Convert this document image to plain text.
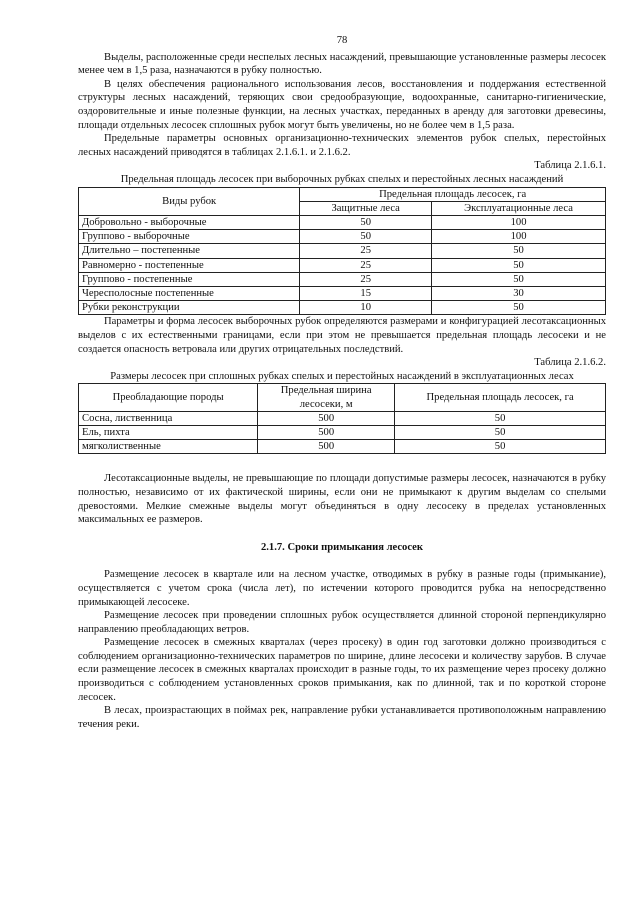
78

Выделы, расположенные среди неспелых лесных насаждений, превышающие установленные размеры лесосек менее чем в 1,5 раза, назначаются в рубку полностью.

В целях обеспечения рационального использования лесов, восстановления и поддержания естественной структуры лесных насаждений, теряющих свои средообразующие, водоохранные, санитарно-гигиенические, оздоровительные и иные полезные функции, на лесных участках, переданных в аренду для заготовки древесины, площади отдельных лесосек сплошных рубок могут быть увеличены, но не более чем в 1,5 раза.

Предельные параметры основных организационно-технических элементов рубок спелых, перестойных лесных насаждений приводятся в таблицах 2.1.6.1. и 2.1.6.2.

Таблица 2.1.6.1.
Предельная площадь лесосек при выборочных рубках спелых и перестойных лесных насаждений
Виды рубок	Предельная площадь лесосек, га	
	Защитные леса	Эксплуатационные леса
Добровольно - выборочные	50	100
Группово - выборочные	50	100
Длительно – постепенные	25	50
Равномерно - постепенные	25	50
Группово - постепенные	25	50
Чересполосные постепенные	15	30
Рубки реконструкции	10	50

Параметры и форма лесосек выборочных рубок определяются размерами и конфигурацией лесотаксационных выделов с их естественными границами, если при этом не превышается предельная площадь лесосеки и не создается опасность ветровала или других отрицательных последствий.

Таблица 2.1.6.2.
Размеры лесосек при сплошных рубках спелых и перестойных насаждений в эксплуатационных лесах
Преобладающие породы	Предельная ширина лесосеки, м	Предельная площадь лесосек, га
Сосна, лиственница	500	50
Ель, пихта	500	50
мягколиственные	500	50

Лесотаксационные выделы, не превышающие по площади допустимые размеры лесосек, назначаются в рубку полностью, независимо от их фактической ширины, если они не примыкают к другим выделам со спелыми древостоями. Мелкие смежные выделы могут объединяться в одну лесосеку в пределах установленных максимальных ее размеров.

2.1.7. Сроки примыкания лесосек

Размещение лесосек в квартале или на лесном участке, отводимых в рубку в разные годы (примыкание), осуществляется с учетом срока (числа лет), по истечении которого проводится рубка на непосредственно примыкающей лесосеке.

Размещение лесосек при проведении сплошных рубок осуществляется длинной стороной перпендикулярно направлению преобладающих ветров.

Размещение лесосек в смежных кварталах (через просеку) в один год заготовки должно производиться с соблюдением организационно-технических параметров по ширине, длине лесосеки и количеству зарубов. В случае если размещение лесосек в смежных кварталах происходит в разные годы, то их размещение через просеку должно производиться с соблюдением установленных сроков примыкания, как по длинной, так и по короткой стороне лесосек.

В лесах, произрастающих в поймах рек, направление рубки устанавливается противоположным направлению течения реки.
